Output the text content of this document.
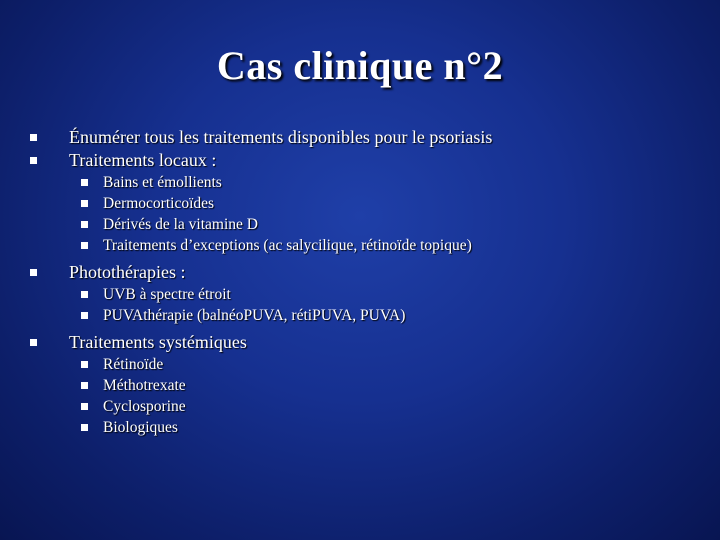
Cas clinique n°2
Énumérer tous les traitements disponibles pour le psoriasis
Traitements locaux :
Bains et émollients
Dermocorticoïdes
Dérivés de la vitamine D
Traitements d’exceptions (ac salycilique, rétinoïde topique)
Photothérapies :
UVB à spectre étroit
PUVAthérapie (balnéoPUVA, rétiPUVA, PUVA)
Traitements systémiques
Rétinoïde
Méthotrexate
Cyclosporine
Biologiques
